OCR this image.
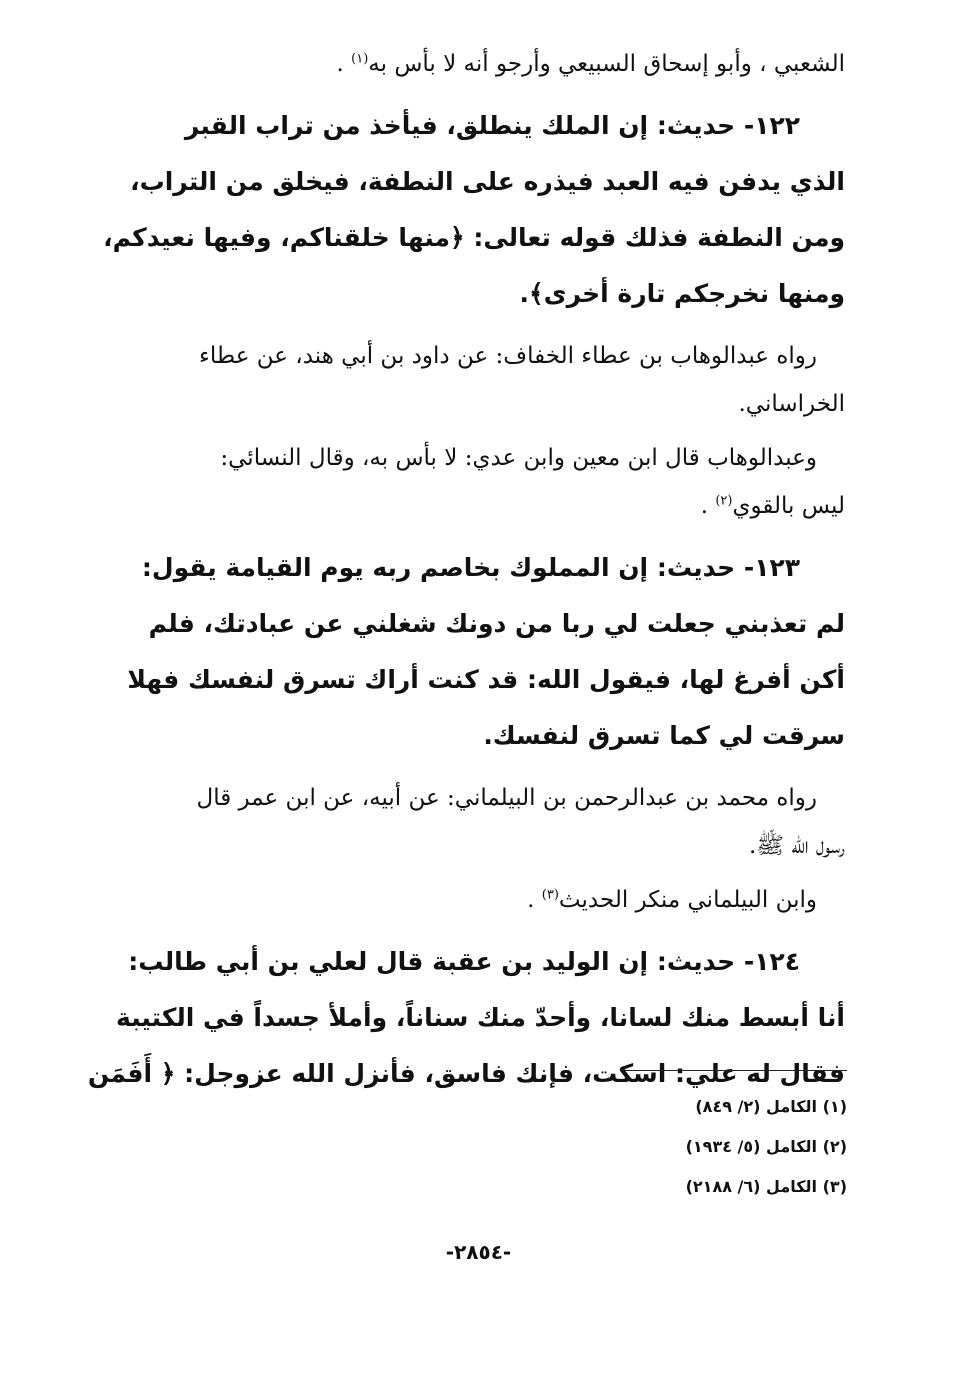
الشعبي ، وأبو إسحاق السبيعي وأرجو أنه لا بأس به$^{(١)}$ .
١٢٢- حديث: إن الملك ينطلق، فيأخذ من تراب القبر
الذي يدفن فيه العبد فيذره على النطفة، فيخلق من التراب،
ومن النطفة فذلك قوله تعالى: ﴿منها خلقناكم، وفيها نعيدكم،
ومنها نخرجكم تارة أخرى﴾.
رواه عبدالوهاب بن عطاء الخفاف: عن داود بن أبي هند، عن عطاء
الخراساني.
وعبدالوهاب قال ابن معين وابن عدي: لا بأس به، وقال النسائي:
ليس بالقوي$^{(٢)}$ .
١٢٣- حديث: إن المملوك بخاصم ربه يوم القيامة يقول:
لم تعذبني جعلت لي ربا من دونك شغلني عن عبادتك، فلم
أكن أفرغ لها، فيقول الله: قد كنت أراك تسرق لنفسك فهلا
سرقت لي كما تسرق لنفسك.
رواه محمد بن عبدالرحمن بن البيلماني: عن أبيه، عن ابن عمر قال
رسول الله ﷺ.
وابن البيلماني منكر الحديث$^{(٣)}$ .
١٢٤- حديث: إن الوليد بن عقبة قال لعلي بن أبي طالب:
أنا أبسط منك لسانا، وأحدّ منك سناناً، وأملأ جسداً في الكتيبة
فقال له علي: اسكت، فإنك فاسق، فأنزل الله عزوجل: ﴿ أَفَمَن
(١) الكامل (٢/ ٨٤٩)
(٢) الكامل (٥/ ١٩٣٤)
(٣) الكامل (٦/ ٢١٨٨)
-٢٨٥٤-
